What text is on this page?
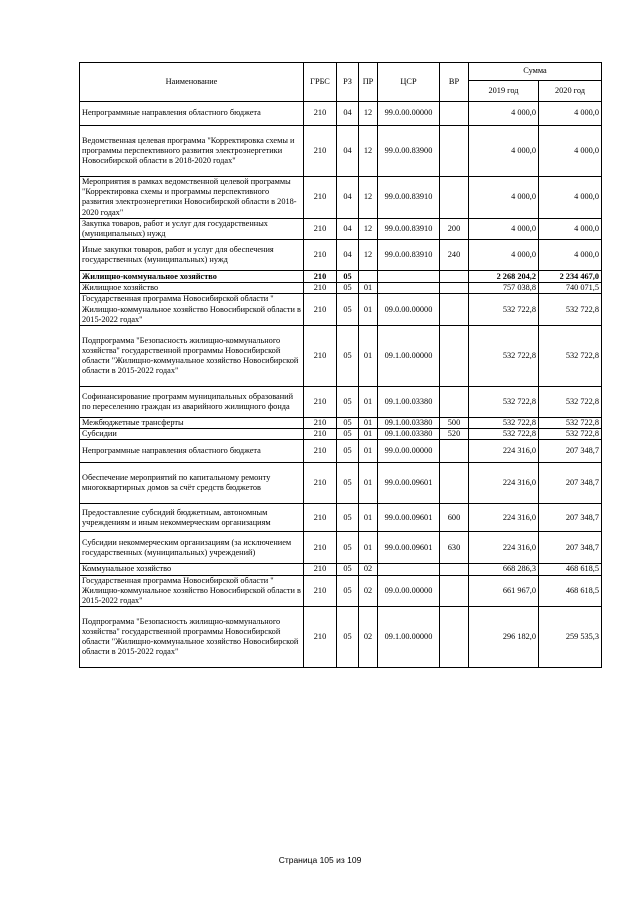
Наименование	ГРБС	РЗ	ПР	ЦСР	ВР	Сумма	
						2019 год	2020 год
Непрограммные направления областного бюджета	210	04	12	99.0.00.00000		4 000,0	4 000,0
Ведомственная целевая программа "Корректировка схемы и программы перспективного развития электроэнергетики Новосибирской области в 2018-2020 годах"	210	04	12	99.0.00.83900		4 000,0	4 000,0
Мероприятия в рамках ведомственной целевой программы "Корректировка схемы и программы перспективного развития электроэнергетики Новосибирской области в 2018-2020 годах"	210	04	12	99.0.00.83910		4 000,0	4 000,0
Закупка товаров, работ и услуг для государственных (муниципальных) нужд	210	04	12	99.0.00.83910	200	4 000,0	4 000,0
Иные закупки товаров, работ и услуг для обеспечения государственных (муниципальных) нужд	210	04	12	99.0.00.83910	240	4 000,0	4 000,0
Жилищно-коммунальное хозяйство	210	05				2 268 204,2	2 234 467,0
Жилищное хозяйство	210	05	01			757 038,8	740 071,5
Государственная программа Новосибирской области " Жилищно-коммунальное хозяйство Новосибирской области в 2015-2022 годах"	210	05	01	09.0.00.00000		532 722,8	532 722,8
Подпрограмма "Безопасность жилищно-коммунального хозяйства" государственной программы Новосибирской области "Жилищно-коммунальное хозяйство Новосибирской области в 2015-2022 годах"	210	05	01	09.1.00.00000		532 722,8	532 722,8
Софинансирование программ муниципальных образований по переселению граждан из аварийного жилищного фонда	210	05	01	09.1.00.03380		532 722,8	532 722,8
Межбюджетные трансферты	210	05	01	09.1.00.03380	500	532 722,8	532 722,8
Субсидии	210	05	01	09.1.00.03380	520	532 722,8	532 722,8
Непрограммные направления областного бюджета	210	05	01	99.0.00.00000		224 316,0	207 348,7
Обеспечение мероприятий по капитальному ремонту многоквартирных домов за счёт средств бюджетов	210	05	01	99.0.00.09601		224 316,0	207 348,7
Предоставление субсидий бюджетным, автономным учреждениям и иным некоммерческим организациям	210	05	01	99.0.00.09601	600	224 316,0	207 348,7
Субсидии некоммерческим организациям (за исключением государственных (муниципальных) учреждений)	210	05	01	99.0.00.09601	630	224 316,0	207 348,7
Коммунальное хозяйство	210	05	02			668 286,3	468 618,5
Государственная программа Новосибирской области " Жилищно-коммунальное хозяйство Новосибирской области в 2015-2022 годах"	210	05	02	09.0.00.00000		661 967,0	468 618,5
Подпрограмма "Безопасность жилищно-коммунального хозяйства" государственной программы Новосибирской области "Жилищно-коммунальное хозяйство Новосибирской области в 2015-2022 годах"	210	05	02	09.1.00.00000		296 182,0	259 535,3
Страница 105 из 109
